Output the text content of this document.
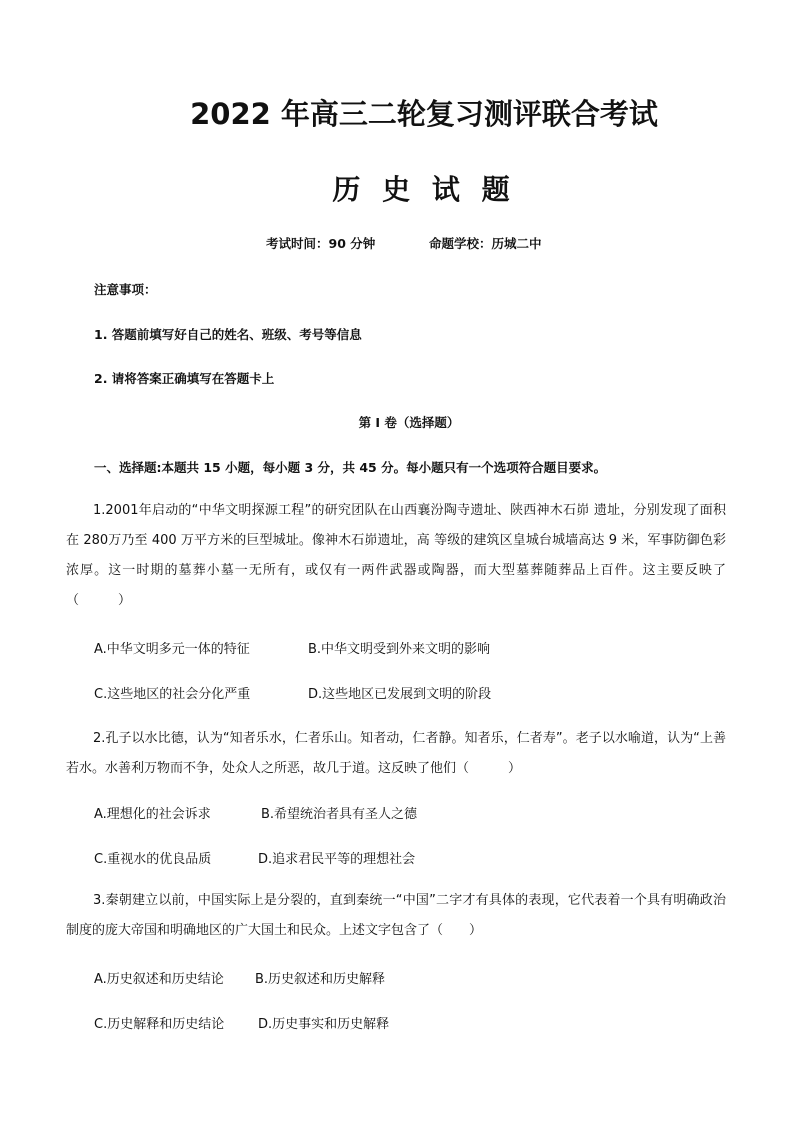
2022 年高三二轮复习测评联合考试
历 史 试 题
考试时间：90 分钟	命题学校：历城二中
注意事项：
1. 答题前填写好自己的姓名、班级、考号等信息
2. 请将答案正确填写在答题卡上
第 I 卷（选择题）
一、选择题:本题共 15 小题，每小题 3 分，共 45 分。每小题只有一个选项符合题目要求。
1.2001年启动的“中华文明探源工程”的研究团队在山西襄汾陶寺遗址、陕西神木石峁 遗址，分别发现了面积在 280万乃至 400 万平方米的巨型城址。像神木石峁遗址，高 等级的建筑区皇城台城墙高达 9 米，军事防御色彩浓厚。这一时期的墓葬小墓一无所有，或仅有一两件武器或陶器，而大型墓葬随葬品上百件。这主要反映了（　　　）
A.中华文明多元一体的特征	B.中华文明受到外来文明的影响
C.这些地区的社会分化严重	D.这些地区已发展到文明的阶段
2.孔子以水比德，认为“知者乐水，仁者乐山。知者动，仁者静。知者乐，仁者寿”。老子以水喻道，认为“上善若水。水善利万物而不争，处众人之所恶，故几于道。这反映了他们（　　　）
A.理想化的社会诉求	B.希望统治者具有圣人之德
C.重视水的优良品质	D.追求君民平等的理想社会
3.秦朝建立以前，中国实际上是分裂的，直到秦统一“中国”二字才有具体的表现，它代表着一个具有明确政治制度的庞大帝国和明确地区的广大国土和民众。上述文字包含了（　　）
A.历史叙述和历史结论 B.历史叙述和历史解释
C.历史解释和历史结论	D.历史事实和历史解释
